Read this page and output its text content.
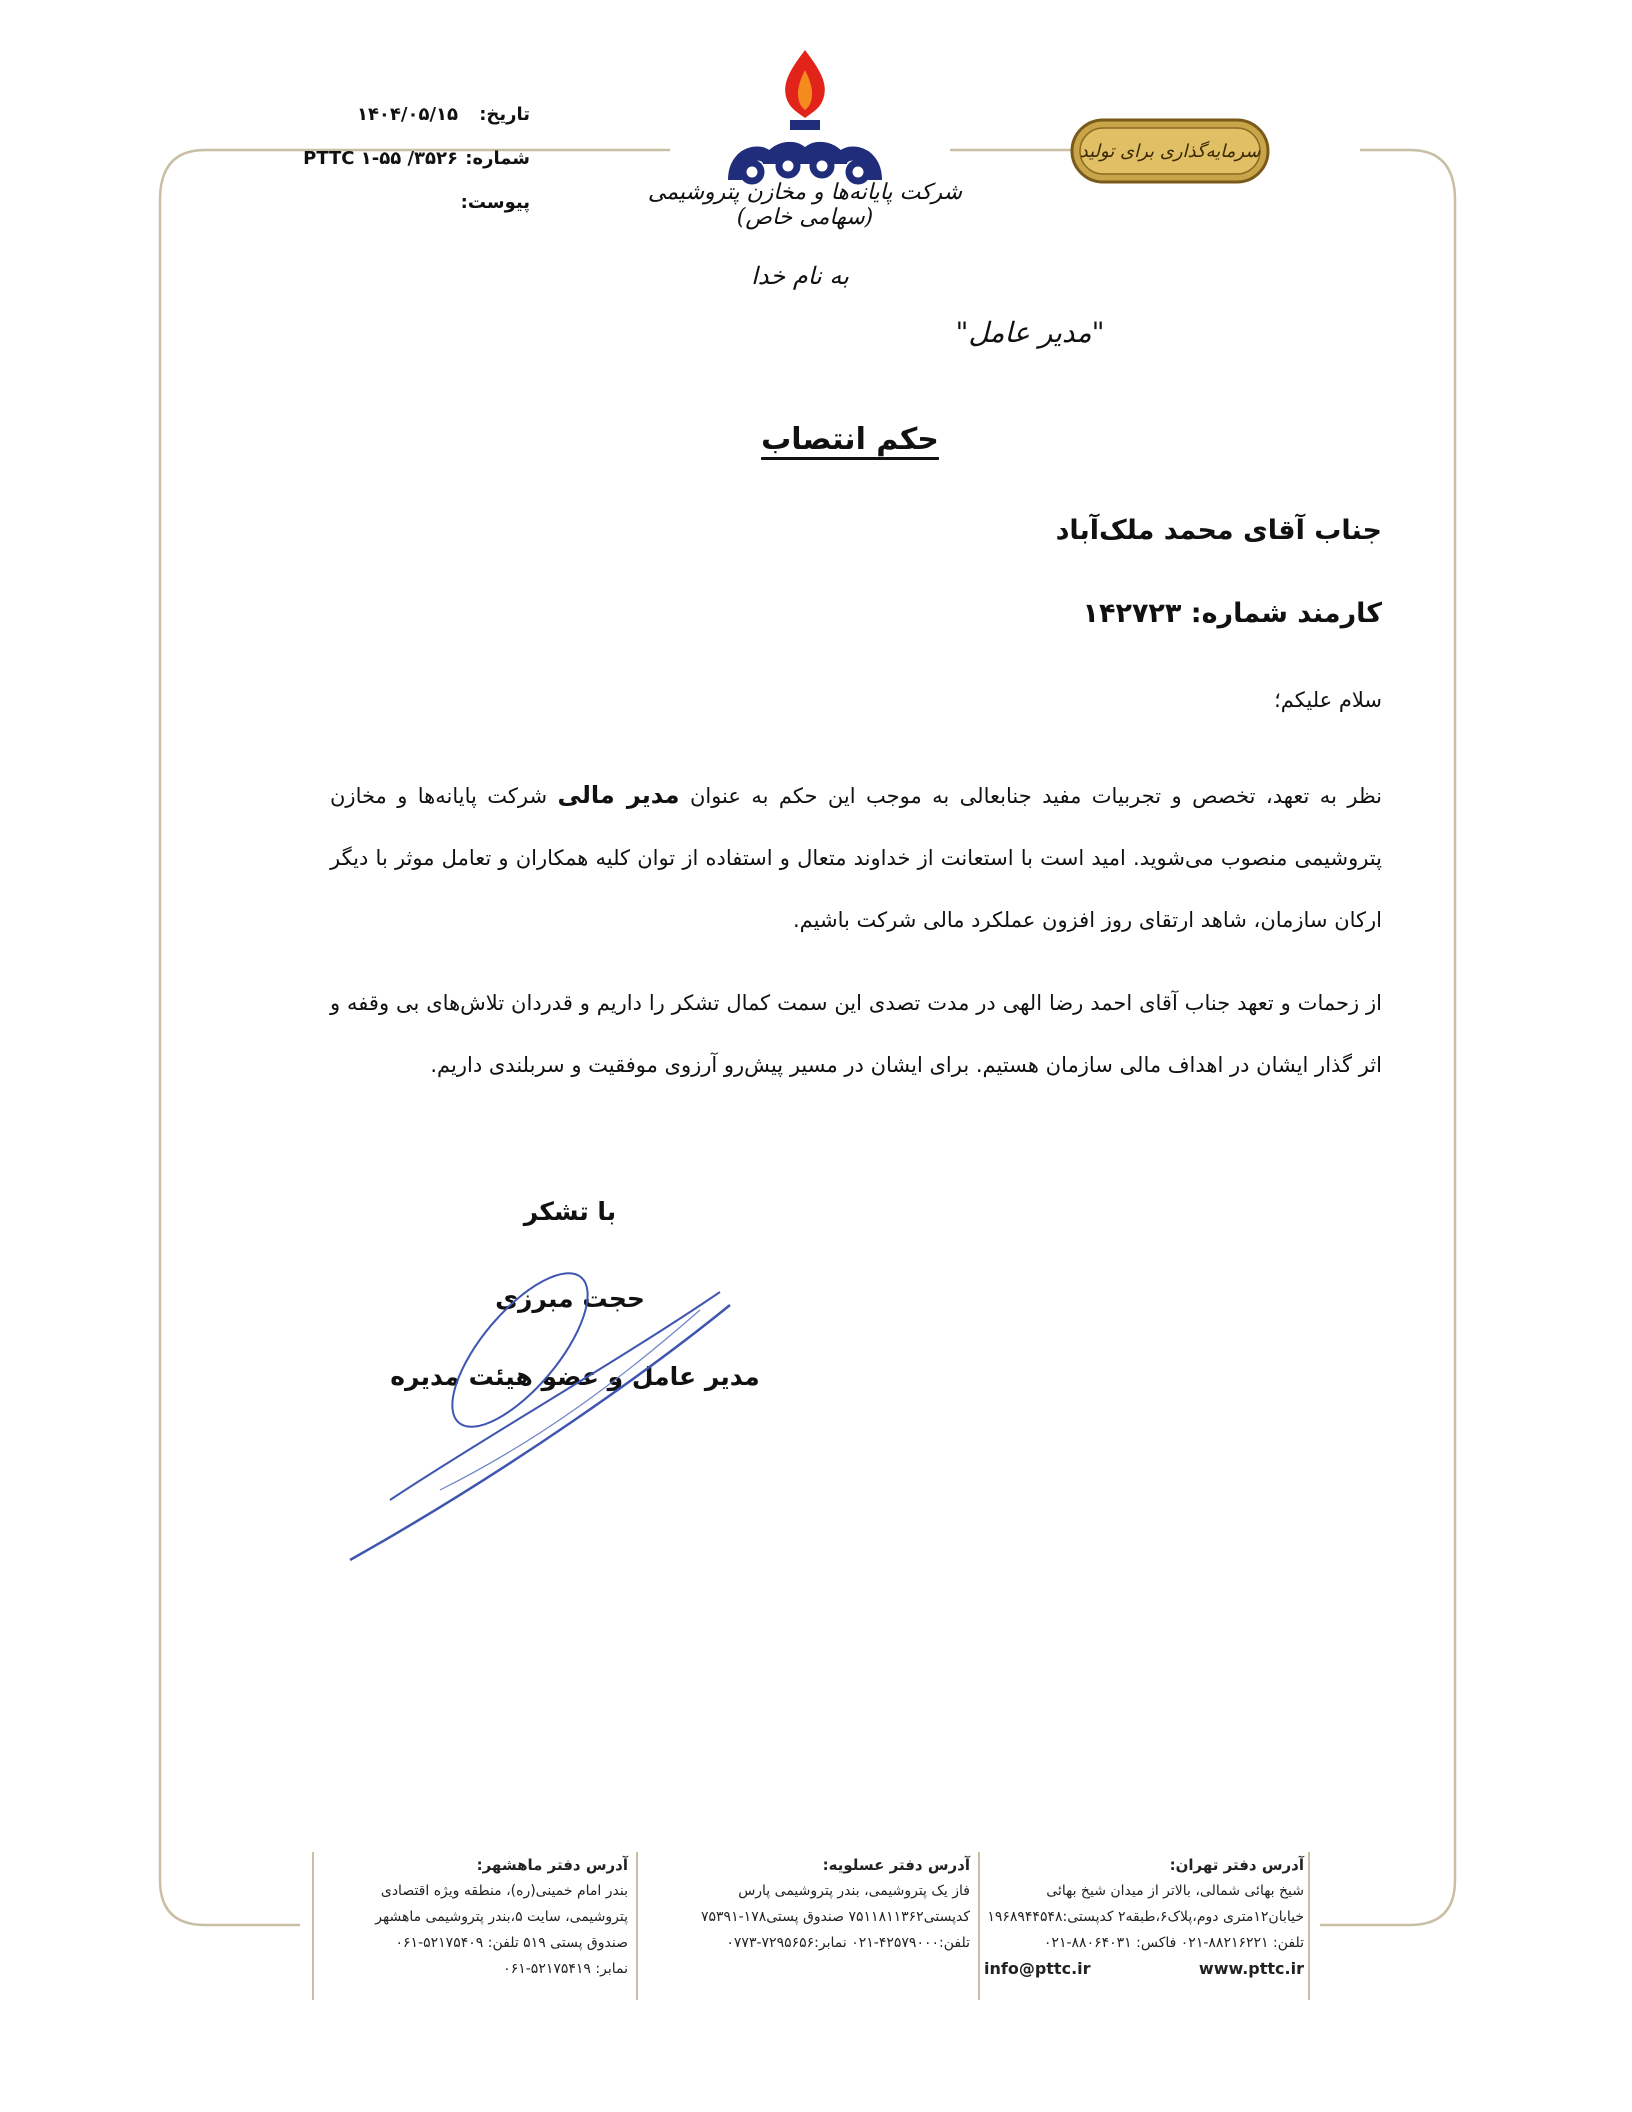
تاریخ:
۱۴۰۴/۰۵/۱۵
شماره:
PTTC ۱-۵۵ /۳۵۲۶
پیوست:	شرکت پایانه‌ها و مخازن پتروشیمی (سهامی خاص)
سرمایه‌گذاری برای تولید
به نام خدا
"مدیر عامل"
حکم انتصاب
جناب آقای محمد ملک‌آباد
کارمند شماره: ۱۴۲۷۲۳
سلام علیکم؛
نظر به تعهد، تخصص و تجربیات مفید جنابعالی به موجب این حکم به عنوان مدیر مالی شرکت پایانه‌ها و مخازن پتروشیمی منصوب می‌شوید. امید است با استعانت از خداوند متعال و استفاده از توان کلیه همکاران و تعامل موثر با دیگر ارکان سازمان، شاهد ارتقای روز افزون عملکرد مالی شرکت باشیم.
از زحمات و تعهد جناب آقای احمد رضا الهی در مدت تصدی این سمت کمال تشکر را داریم و قدردان تلاش‌های بی وقفه و اثر گذار ایشان در اهداف مالی سازمان هستیم. برای ایشان در مسیر پیش‌رو آرزوی موفقیت و سربلندی داریم.
با تشکر
حجت مبرزی
مدیر عامل و عضو هیئت مدیره
آدرس دفتر تهران:

شیخ بهائی شمالی، بالاتر از میدان شیخ بهائی

خیابان۱۲متری دوم،پلاک۶،طبقه۲ کدپستی:۱۹۶۸۹۴۴۵۴۸

تلفن: ۸۸۲۱۶۲۲۱-۰۲۱ فاکس: ۸۸۰۶۴۰۳۱-۰۲۱

info@pttc.ir	www.pttc.ir
آدرس دفتر عسلویه:

فاز یک پتروشیمی، بندر پتروشیمی پارس

کدپستی۷۵۱۱۸۱۱۳۶۲ صندوق پستی۱۷۸-۷۵۳۹۱

تلفن:۴۲۵۷۹۰۰۰-۰۲۱ نمابر:۷۲۹۵۶۵۶-۰۷۷۳

آدرس دفتر ماهشهر:

بندر امام خمینی(ره)، منطقه ویژه اقتصادی

پتروشیمی، سایت ۵،بندر پتروشیمی ماهشهر

صندوق پستی ۵۱۹ تلفن: ۵۲۱۷۵۴۰۹-۰۶۱

نمابر: ۵۲۱۷۵۴۱۹-۰۶۱
